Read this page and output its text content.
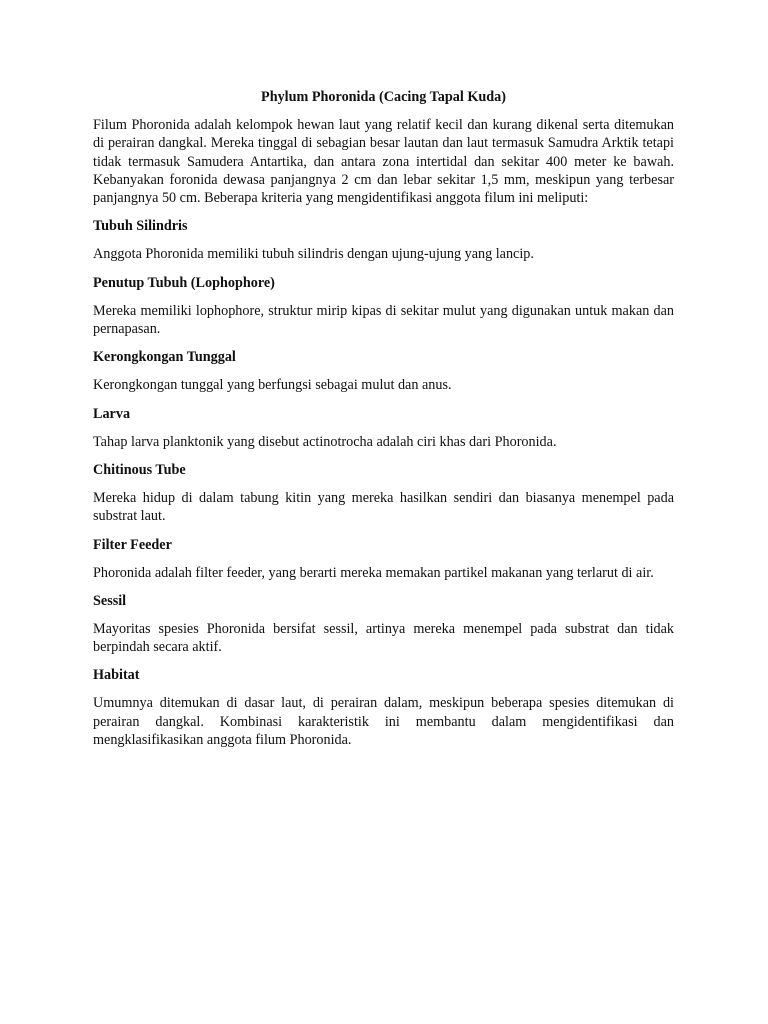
Phylum Phoronida (Cacing Tapal Kuda)

Filum Phoronida adalah kelompok hewan laut yang relatif kecil dan kurang dikenal serta ditemukan di perairan dangkal. Mereka tinggal di sebagian besar lautan dan laut termasuk Samudra Arktik tetapi tidak termasuk Samudera Antartika, dan antara zona intertidal dan sekitar 400 meter ke bawah. Kebanyakan foronida dewasa panjangnya 2 cm dan lebar sekitar 1,5 mm, meskipun yang terbesar panjangnya 50 cm. Beberapa kriteria yang mengidentifikasi anggota filum ini meliputi:

Tubuh Silindris

Anggota Phoronida memiliki tubuh silindris dengan ujung-ujung yang lancip.

Penutup Tubuh (Lophophore)

Mereka memiliki lophophore, struktur mirip kipas di sekitar mulut yang digunakan untuk makan dan pernapasan.

Kerongkongan Tunggal

Kerongkongan tunggal yang berfungsi sebagai mulut dan anus.

Larva

Tahap larva planktonik yang disebut actinotrocha adalah ciri khas dari Phoronida.

Chitinous Tube

Mereka hidup di dalam tabung kitin yang mereka hasilkan sendiri dan biasanya menempel pada substrat laut.

Filter Feeder

Phoronida adalah filter feeder, yang berarti mereka memakan partikel makanan yang terlarut di air.

Sessil

Mayoritas spesies Phoronida bersifat sessil, artinya mereka menempel pada substrat dan tidak berpindah secara aktif.

Habitat

Umumnya ditemukan di dasar laut, di perairan dalam, meskipun beberapa spesies ditemukan di perairan dangkal. Kombinasi karakteristik ini membantu dalam mengidentifikasi dan mengklasifikasikan anggota filum Phoronida.
